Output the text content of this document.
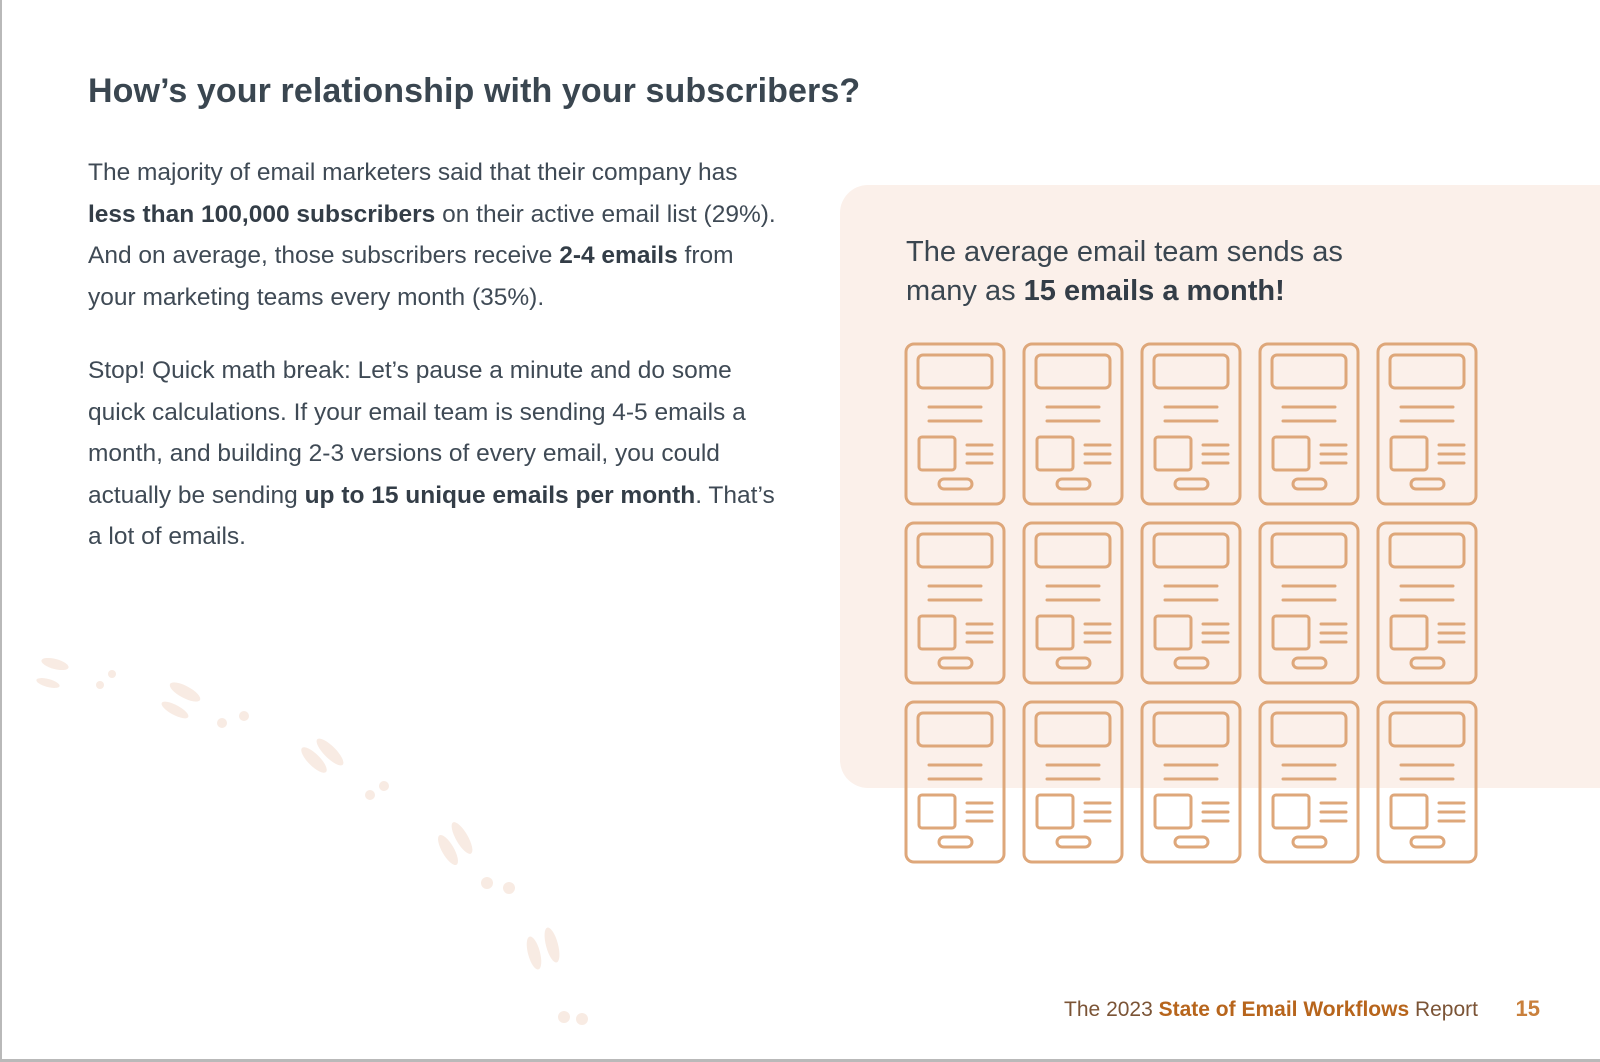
How’s your relationship with your subscribers?

The majority of email marketers said that their company has less than 100,000 subscribers on their active email list (29%). And on average, those subscribers receive 2-4 emails from your marketing teams every month (35%).

Stop! Quick math break: Let’s pause a minute and do some quick calculations. If your email team is sending 4-5 emails a month, and building 2-3 versions of every email, you could actually be sending up to 15 unique emails per month. That’s a lot of emails.

The average email team sends as
many as 15 emails a month!

The 2023 State of Email Workflows Report 15
